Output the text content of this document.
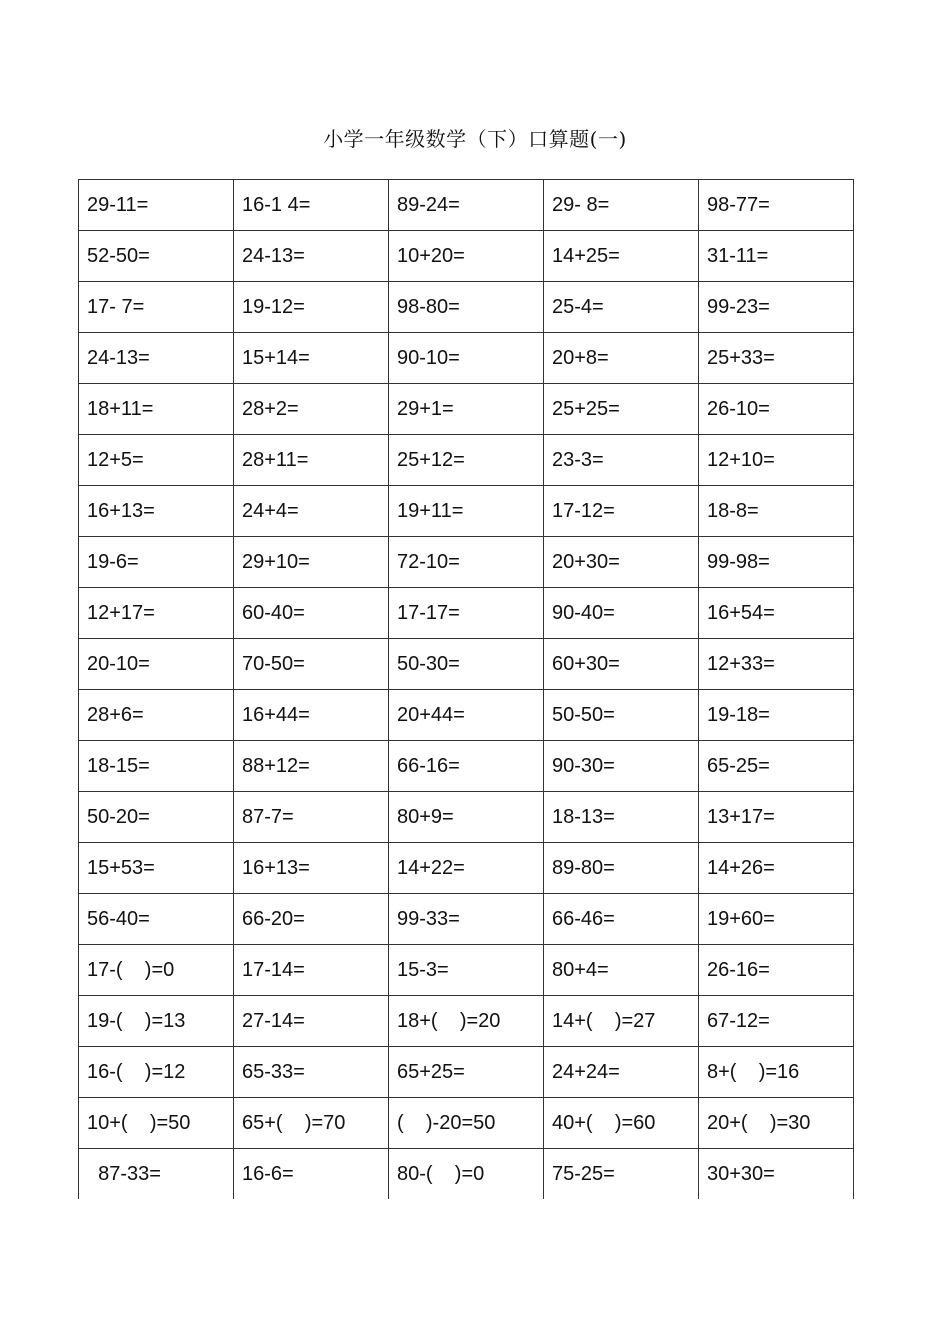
小学一年级数学（下）口算题(一)
29-11=	16-1 4=	89-24=	29- 8=	98-77=
52-50=	24-13=	10+20=	14+25=	31-11=
17- 7=	19-12=	98-80=	25-4=	99-23=
24-13=	15+14=	90-10=	20+8=	25+33=
18+11=	28+2=	29+1=	25+25=	26-10=
12+5=	28+11=	25+12=	23-3=	12+10=
16+13=	24+4=	19+11=	17-12=	18-8=
19-6=	29+10=	72-10=	20+30=	99-98=
12+17=	60-40=	17-17=	90-40=	16+54=
20-10=	70-50=	50-30=	60+30=	12+33=
28+6=	16+44=	20+44=	50-50=	19-18=
18-15=	88+12=	66-16=	90-30=	65-25=
50-20=	87-7=	80+9=	18-13=	13+17=
15+53=	16+13=	14+22=	89-80=	14+26=
56-40=	66-20=	99-33=	66-46=	19+60=
17-(    )=0	17-14=	15-3=	80+4=	26-16=
19-(    )=13	27-14=	18+(    )=20	14+(    )=27	67-12=
16-(    )=12	65-33=	65+25=	24+24=	8+(    )=16
10+(    )=50	65+(    )=70	(    )-20=50	40+(    )=60	20+(    )=30
87-33=	16-6=	80-(    )=0	75-25=	30+30=
